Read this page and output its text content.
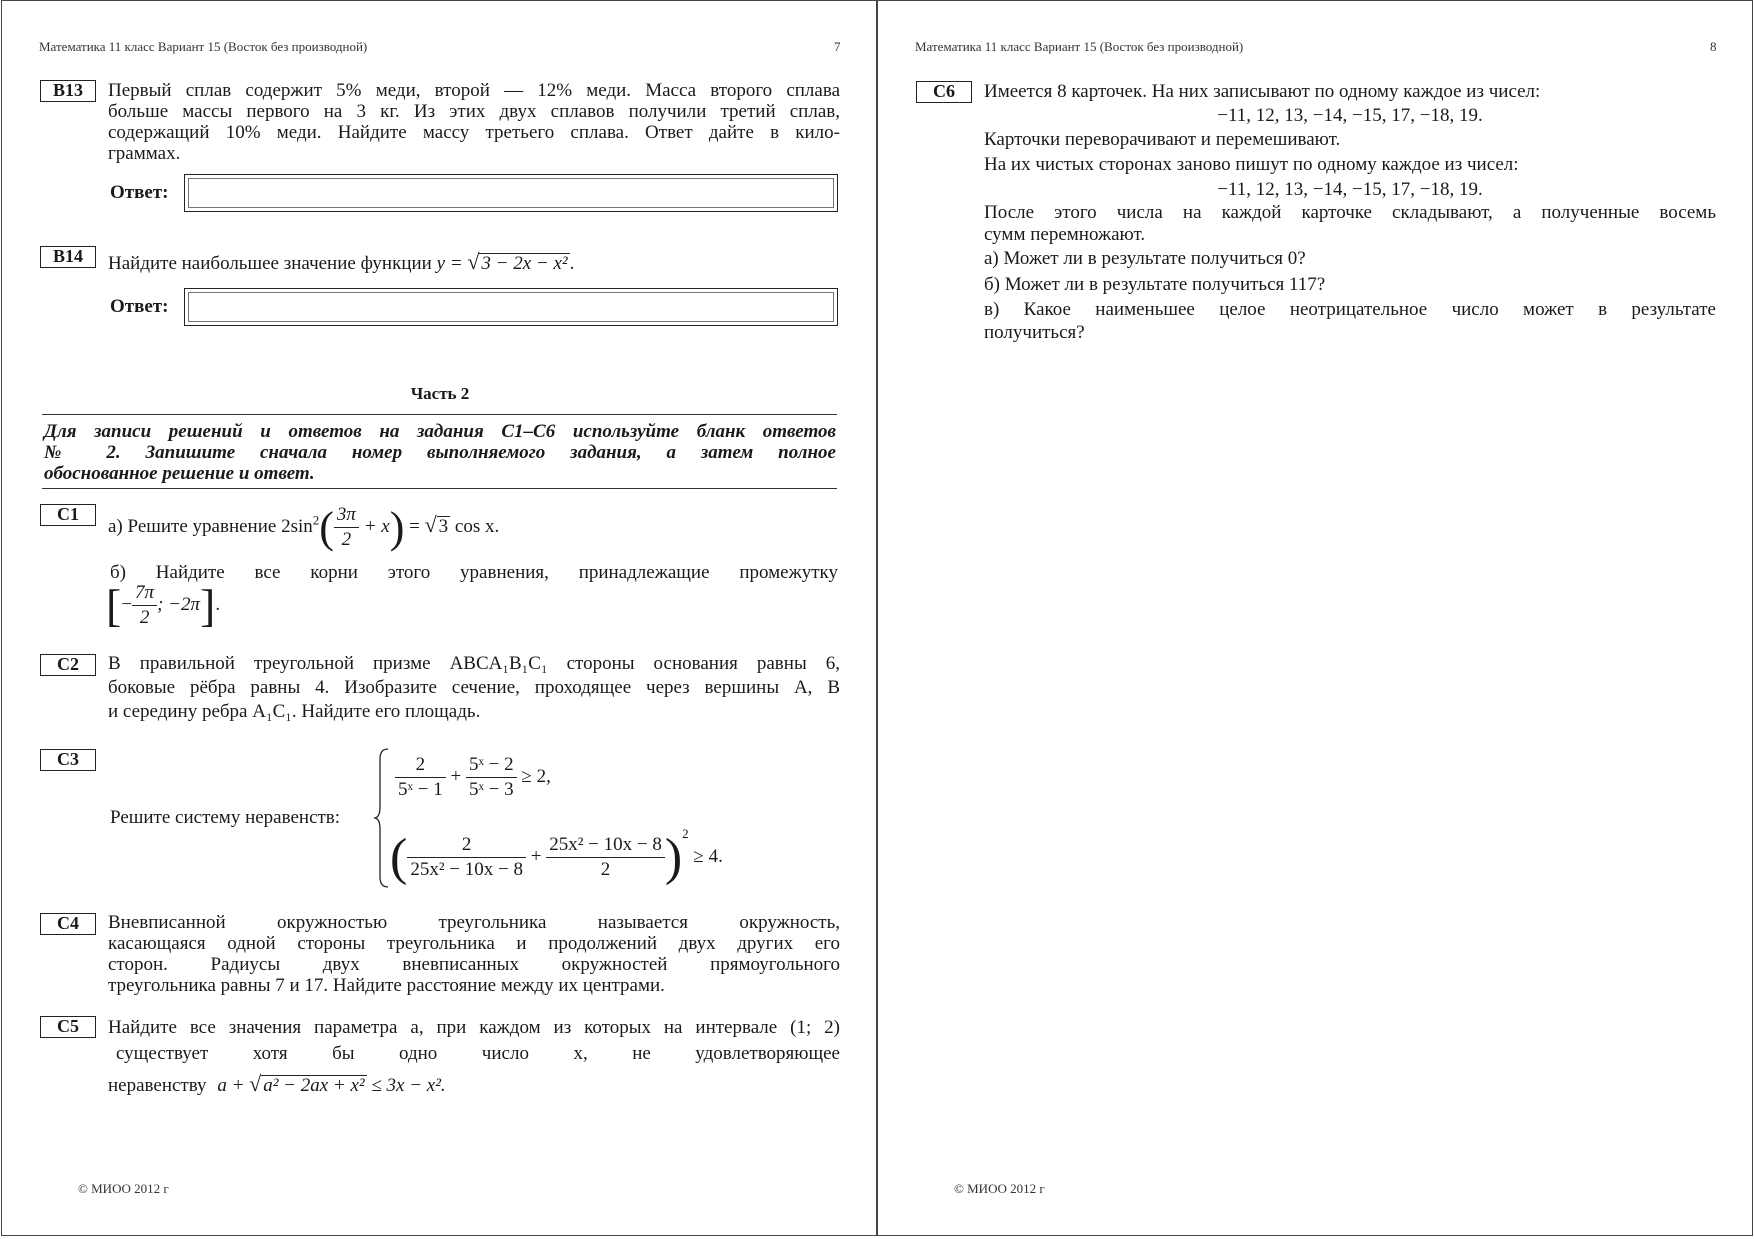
Математика 11 класс Вариант 15 (Восток без производной)	7
B13	Первый сплав содержит 5% меди, второй — 12% меди. Масса второго сплава
больше массы первого на 3 кг. Из этих двух сплавов получили третий сплав,
содержащий 10% меди. Найдите массу третьего сплава. Ответ дайте в кило-
граммах.
Ответ:
B14	Найдите наибольшее значение функции y = √ 3 − 2x − x² .
Ответ:
Часть 2
Для записи решений и ответов на задания С1–С6 используйте бланк ответов
№ 2. Запишите сначала номер выполняемого задания, а затем полное
обоснованное решение и ответ.
C1
а) Решите уравнение $2\sin^2( \frac{3\pi}{2} + x)$ = √ 3 cos x.
б) Найдите все корни этого уравнения, принадлежащие промежутку
[− $\frac{7\pi}{2}$ ; −2π].
C2	В правильной треугольной призме ABCA₁B₁C₁ стороны основания равны 6,
боковые рёбра равны 4. Изобразите сечение, проходящее через вершины A, B
и середину ребра A₁C₁. Найдите его площадь.
C3
Решите систему неравенств:
$\frac{2}{\text{5ˣ − 1}} + \frac{\text{5ˣ − 2}}{\text{5ˣ − 3}} \ge 2$,
( $\frac{2}{\text{25x² − 10x − 8}} + \frac{\text{25x² − 10x − 8}}{2} )^2 \ge 4$.
C4	Вневписанной окружностью треугольника называется окружность,
касающаяся одной стороны треугольника и продолжений двух других его
сторон. Радиусы двух вневписанных окружностей прямоугольного
треугольника равны 7 и 17. Найдите расстояние между их центрами.
C5	Найдите все значения параметра a, при каждом из которых на интервале (1; 2)
существует хотя бы одно число x, не удовлетворяющее
неравенству a + √ a² − 2ax + x² ≤ 3x − x².
© МИОО 2012 г
Математика 11 класс Вариант 15 (Восток без производной)	8
C6	Имеется 8 карточек. На них записывают по одному каждое из чисел:
−11, 12, 13, −14, −15, 17, −18, 19.
Карточки переворачивают и перемешивают.
На их чистых сторонах заново пишут по одному каждое из чисел:
−11, 12, 13, −14, −15, 17, −18, 19.
После этого числа на каждой карточке складывают, а полученные восемь
сумм перемножают.
а) Может ли в результате получиться 0?
б) Может ли в результате получиться 117?
в) Какое наименьшее целое неотрицательное число может в результате
получиться?
© МИОО 2012 г
